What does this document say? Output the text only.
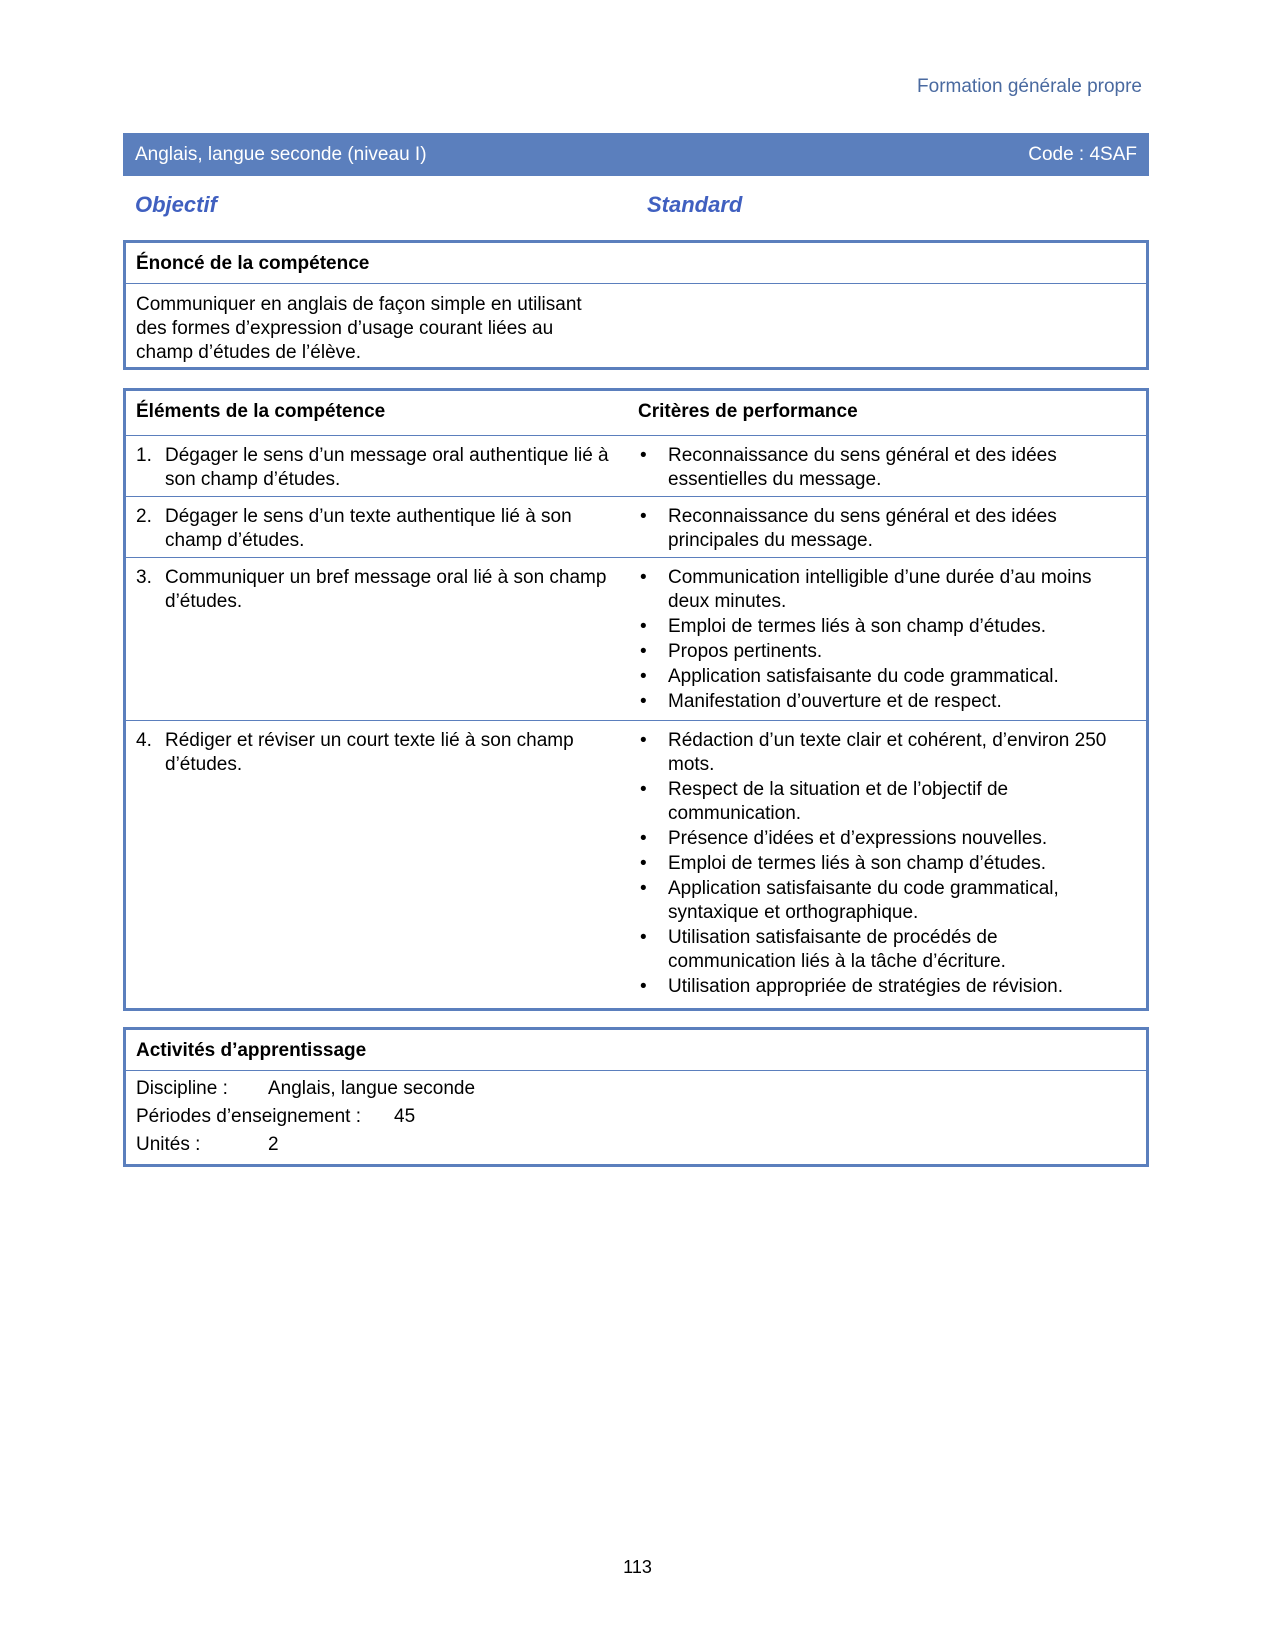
Formation générale propre
Anglais, langue seconde (niveau I)	Code : 4SAF
Objectif	Standard
Énoncé de la compétence
Communiquer en anglais de façon simple en utilisant
des formes d’expression d’usage courant liées au
champ d’études de l’élève.
Éléments de la compétence	Critères de performance
1. Dégager le sens d’un message oral authentique lié à son champ d’études.
• Reconnaissance du sens général et des idées essentielles du message.
2. Dégager le sens d’un texte authentique lié à son champ d’études.
• Reconnaissance du sens général et des idées principales du message.
3. Communiquer un bref message oral lié à son champ d’études.
• Communication intelligible d’une durée d’au moins deux minutes.
• Emploi de termes liés à son champ d’études.
• Propos pertinents.
• Application satisfaisante du code grammatical.
• Manifestation d’ouverture et de respect.
4. Rédiger et réviser un court texte lié à son champ d’études.
• Rédaction d’un texte clair et cohérent, d’environ 250 mots.
• Respect de la situation et de l’objectif de communication.
• Présence d’idées et d’expressions nouvelles.
• Emploi de termes liés à son champ d’études.
• Application satisfaisante du code grammatical, syntaxique et orthographique.
• Utilisation satisfaisante de procédés de communication liés à la tâche d’écriture.
• Utilisation appropriée de stratégies de révision.
Activités d’apprentissage
Discipline : Anglais, langue seconde
Périodes d’enseignement : 45
Unités :	2
113
